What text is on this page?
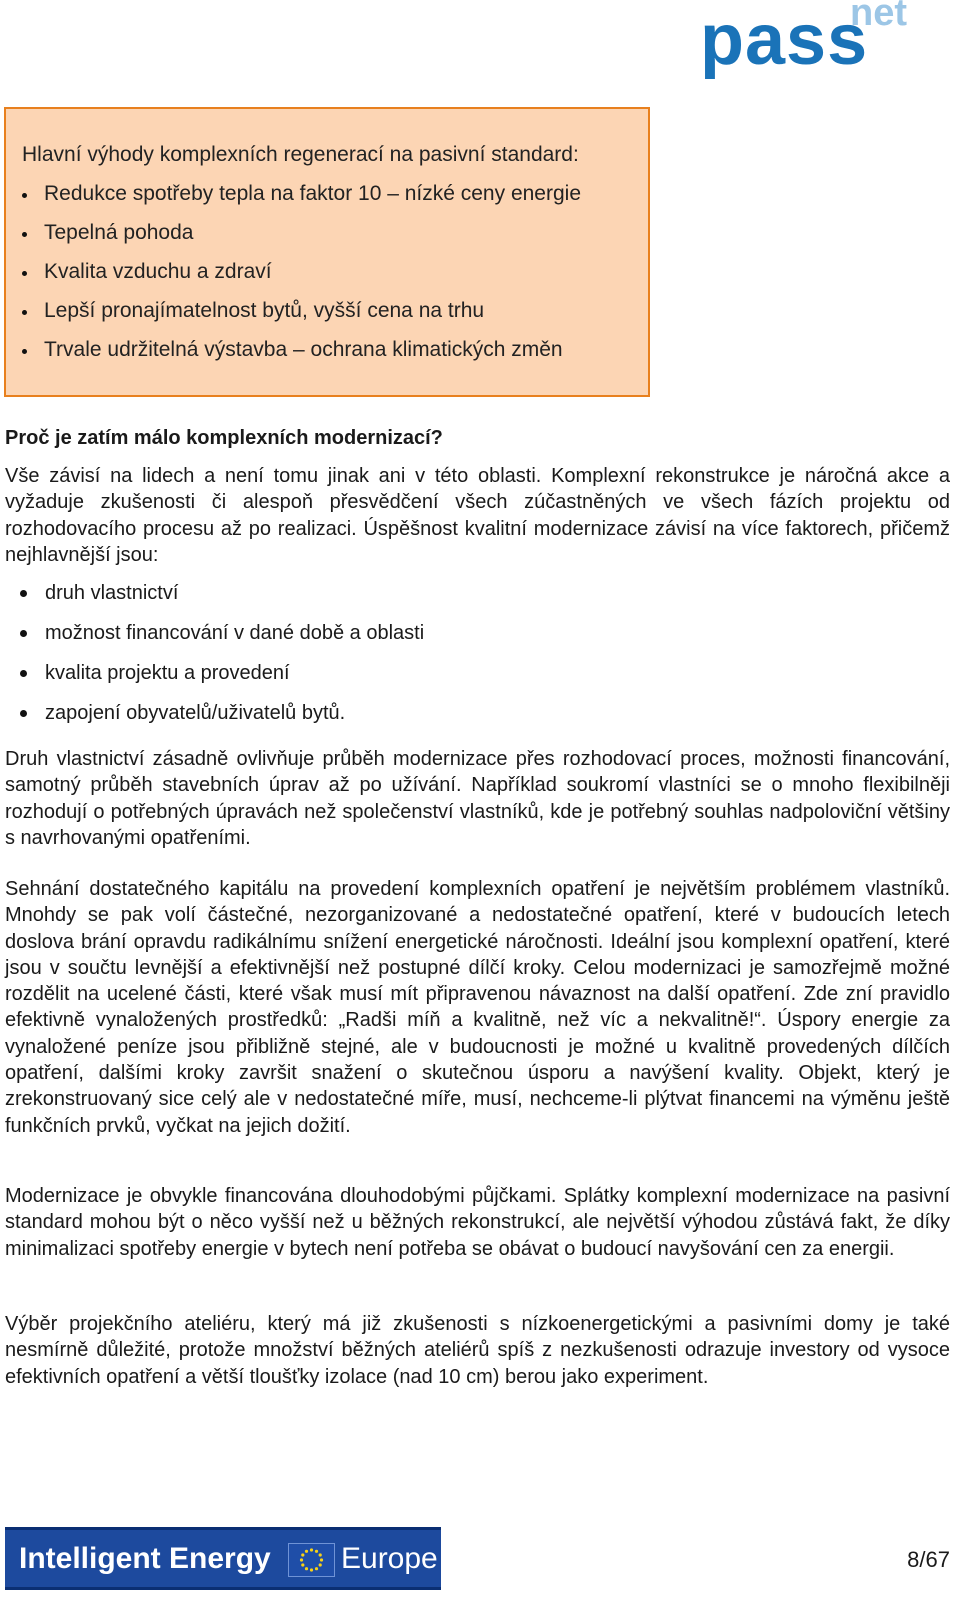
pass
net
Hlavní výhody komplexních regenerací na pasivní standard:
Redukce spotřeby tepla na faktor 10 – nízké ceny energie
Tepelná pohoda
Kvalita vzduchu a zdraví
Lepší pronajímatelnost bytů, vyšší cena na trhu
Trvale udržitelná výstavba – ochrana klimatických změn
Proč je zatím málo komplexních modernizací?

Vše závisí na lidech a není tomu jinak ani v této oblasti. Komplexní rekonstrukce je náročná akce a vyžaduje zkušenosti či alespoň přesvědčení všech zúčastněných ve všech fázích projektu od rozhodovacího procesu až po realizaci. Úspěšnost kvalitní modernizace závisí na více faktorech, přičemž nejhlavnější jsou:

druh vlastnictví
možnost financování v dané době a oblasti
kvalita projektu a provedení
zapojení obyvatelů/uživatelů bytů.

Druh vlastnictví zásadně ovlivňuje průběh modernizace přes rozhodovací proces, možnosti financování, samotný průběh stavebních úprav až po užívání. Například soukromí vlastníci se o mnoho flexibilněji rozhodují o potřebných úpravách než společenství vlastníků, kde je potřebný souhlas nadpoloviční většiny s navrhovanými opatřeními.

Sehnání dostatečného kapitálu na provedení komplexních opatření je největším problémem vlastníků. Mnohdy se pak volí částečné, nezorganizované a nedostatečné opatření, které v budoucích letech doslova brání opravdu radikálnímu snížení energetické náročnosti. Ideální jsou komplexní opatření, které jsou v součtu levnější a efektivnější než postupné dílčí kroky. Celou modernizaci je samozřejmě možné rozdělit na ucelené části, které však musí mít připravenou návaznost na další opatření. Zde zní pravidlo efektivně vynaložených prostředků: „Radši míň a kvalitně, než víc a nekvalitně!“. Úspory energie za vynaložené peníze jsou přibližně stejné, ale v budoucnosti je možné u kvalitně provedených dílčích opatření, dalšími kroky završit snažení o skutečnou úsporu a navýšení kvality. Objekt, který je zrekonstruovaný sice celý ale v nedostatečné míře, musí, nechceme-li plýtvat financemi na výměnu ještě funkčních prvků, vyčkat na jejich dožití.

Modernizace je obvykle financována dlouhodobými půjčkami. Splátky komplexní modernizace na pasivní standard mohou být o něco vyšší než u běžných rekonstrukcí, ale největší výhodou zůstává fakt, že díky minimalizaci spotřeby energie v bytech není potřeba se obávat o budoucí navyšování cen za energii.

Výběr projekčního ateliéru, který má již zkušenosti s nízkoenergetickými a pasivními domy je také nesmírně důležité, protože množství běžných ateliérů spíš z nezkušenosti odrazuje investory od vysoce efektivních opatření a větší tloušťky izolace (nad 10 cm) berou jako experiment.

Intelligent Energy Europe	8/67
